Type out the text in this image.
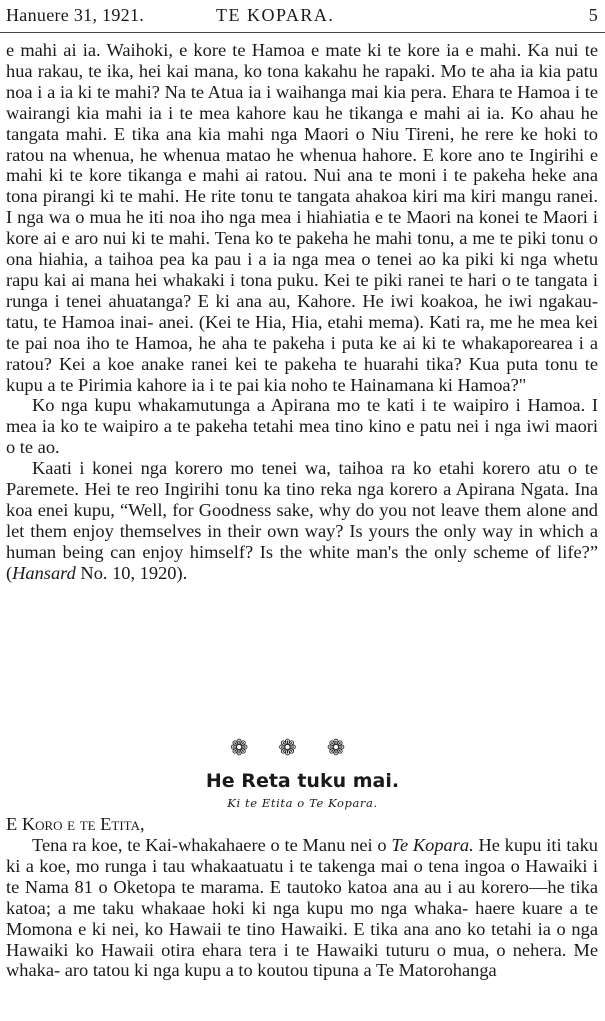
Hanuere 31, 1921.	TE KOPARA.	5

e mahi ai ia. Waihoki, e kore te Hamoa e mate ki te kore ia e mahi. Ka nui te hua rakau, te ika, hei kai mana, ko tona kakahu he rapaki. Mo te aha ia kia patu noa i a ia ki te mahi? Na te Atua ia i waihanga mai kia pera. Ehara te Hamoa i te wairangi kia mahi ia i te mea kahore kau he tikanga e mahi ai ia. Ko ahau he tangata mahi. E tika ana kia mahi nga Maori o Niu Tireni, he rere ke hoki to ratou na whenua, he whenua matao he whenua hahore. E kore ano te Ingirihi e mahi ki te kore tikanga e mahi ai ratou. Nui ana te moni i te pakeha heke ana tona pirangi ki te mahi. He rite tonu te tangata ahakoa kiri ma kiri mangu ranei. I nga wa o mua he iti noa iho nga mea i hiahiatia e te Maori na konei te Maori i kore ai e aro nui ki te mahi. Tena ko te pakeha he mahi tonu, a me te piki tonu o ona hiahia, a taihoa pea ka pau i a ia nga mea o tenei ao ka piki ki nga whetu rapu kai ai mana hei whakaki i tona puku. Kei te piki ranei te hari o te tangata i runga i tenei ahuatanga? E ki ana au, Kahore. He iwi koakoa, he iwi ngakau-tatu, te Hamoa inai- anei. (Kei te Hia, Hia, etahi mema). Kati ra, me he mea kei te pai noa iho te Hamoa, he aha te pakeha i puta ke ai ki te whakaporearea i a ratou? Kei a koe anake ranei kei te pakeha te huarahi tika? Kua puta tonu te kupu a te Pirimia kahore ia i te pai kia noho te Hainamana ki Hamoa?"

Ko nga kupu whakamutunga a Apirana mo te kati i te waipiro i Hamoa. I mea ia ko te waipiro a te pakeha tetahi mea tino kino e patu nei i nga iwi maori o te ao.

Kaati i konei nga korero mo tenei wa, taihoa ra ko etahi korero atu o te Paremete. Hei te reo Ingirihi tonu ka tino reka nga korero a Apirana Ngata. Ina koa enei kupu, “Well, for Goodness sake, why do you not leave them alone and let them enjoy themselves in their own way? Is yours the only way in which a human being can enjoy himself? Is the white man's the only scheme of life?” (Hansard No. 10, 1920).

❁❁❁
He Reta tuku mai.
Ki te Etita o Te Kopara.
E Koro e te Etita,

Tena ra koe, te Kai-whakahaere o te Manu nei o Te Kopara. He kupu iti taku ki a koe, mo runga i tau whakaatuatu i te takenga mai o tena ingoa o Hawaiki i te Nama 81 o Oketopa te marama. E tautoko katoa ana au i au korero—he tika katoa; a me taku whakaae hoki ki nga kupu mo nga whaka- haere kuare a te Momona e ki nei, ko Hawaii te tino Hawaiki. E tika ana ano ko tetahi ia o nga Hawaiki ko Hawaii otira ehara tera i te Hawaiki tuturu o mua, o nehera. Me whaka- aro tatou ki nga kupu a to koutou tipuna a Te Matorohanga
